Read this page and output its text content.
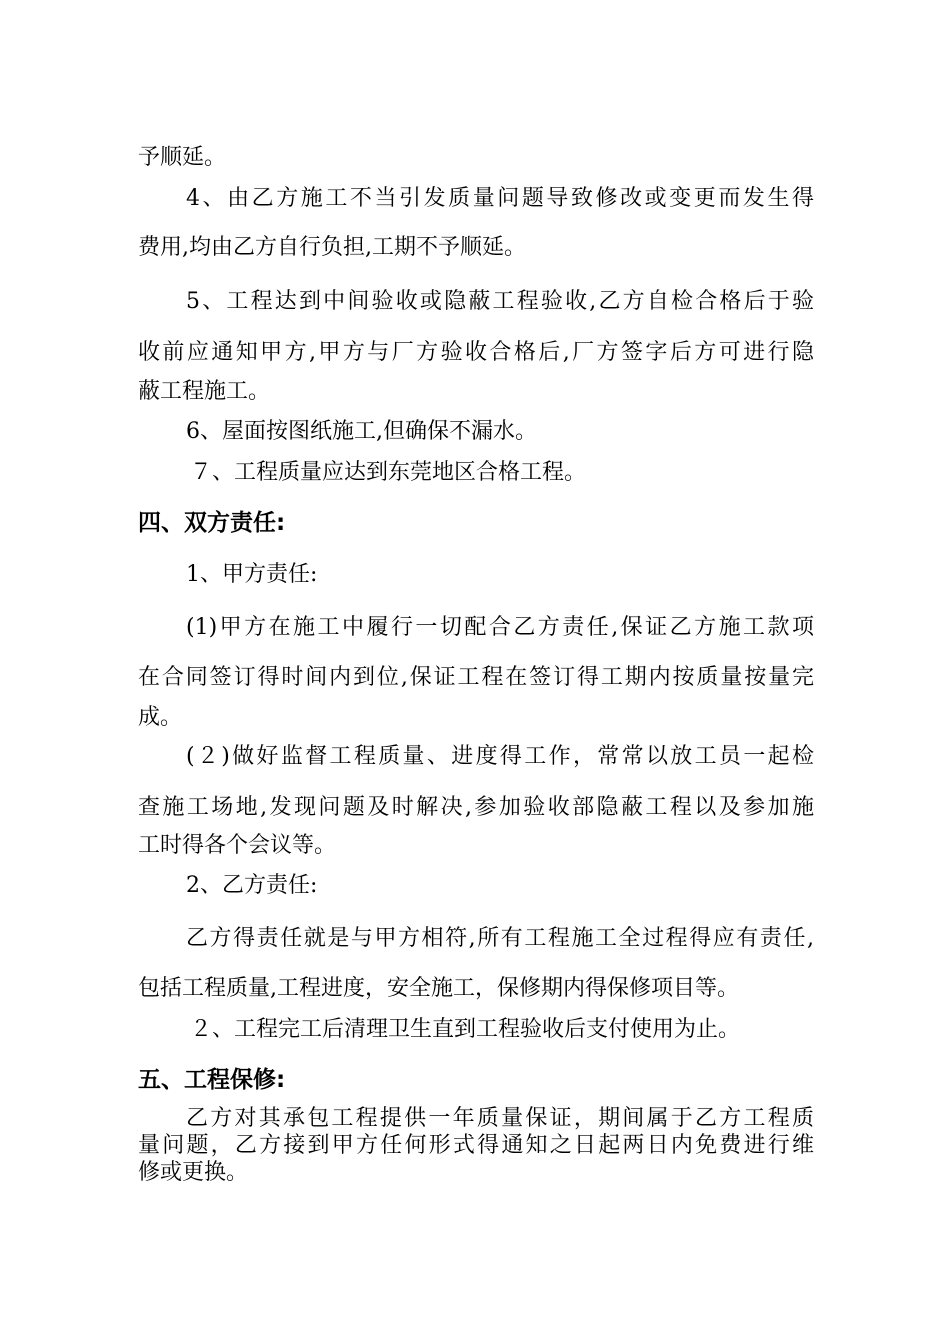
予顺延。
4、由乙方施工不当引发质量问题导致修改或变更而发生得
费用,均由乙方自行负担,工期不予顺延。
5、工程达到中间验收或隐蔽工程验收,乙方自检合格后于验
收前应通知甲方,甲方与厂方验收合格后,厂方签字后方可进行隐
蔽工程施工。
6、屋面按图纸施工,但确保不漏水。
７、工程质量应达到东莞地区合格工程。
四、双方责任:
1、甲方责任:
(1)甲方在施工中履行一切配合乙方责任,保证乙方施工款项
在合同签订得时间内到位,保证工程在签订得工期内按质量按量完
成。
(２)做好监督工程质量、进度得工作，常常以放工员一起检
查施工场地,发现问题及时解决,参加验收部隐蔽工程以及参加施
工时得各个会议等。
2、乙方责任:
乙方得责任就是与甲方相符,所有工程施工全过程得应有责任,
包括工程质量,工程进度，安全施工，保修期内得保修项目等。
２、工程完工后清理卫生直到工程验收后支付使用为止。
五、工程保修:
乙方对其承包工程提供一年质量保证，期间属于乙方工程质
量问题，乙方接到甲方任何形式得通知之日起两日内免费进行维
修或更换。
